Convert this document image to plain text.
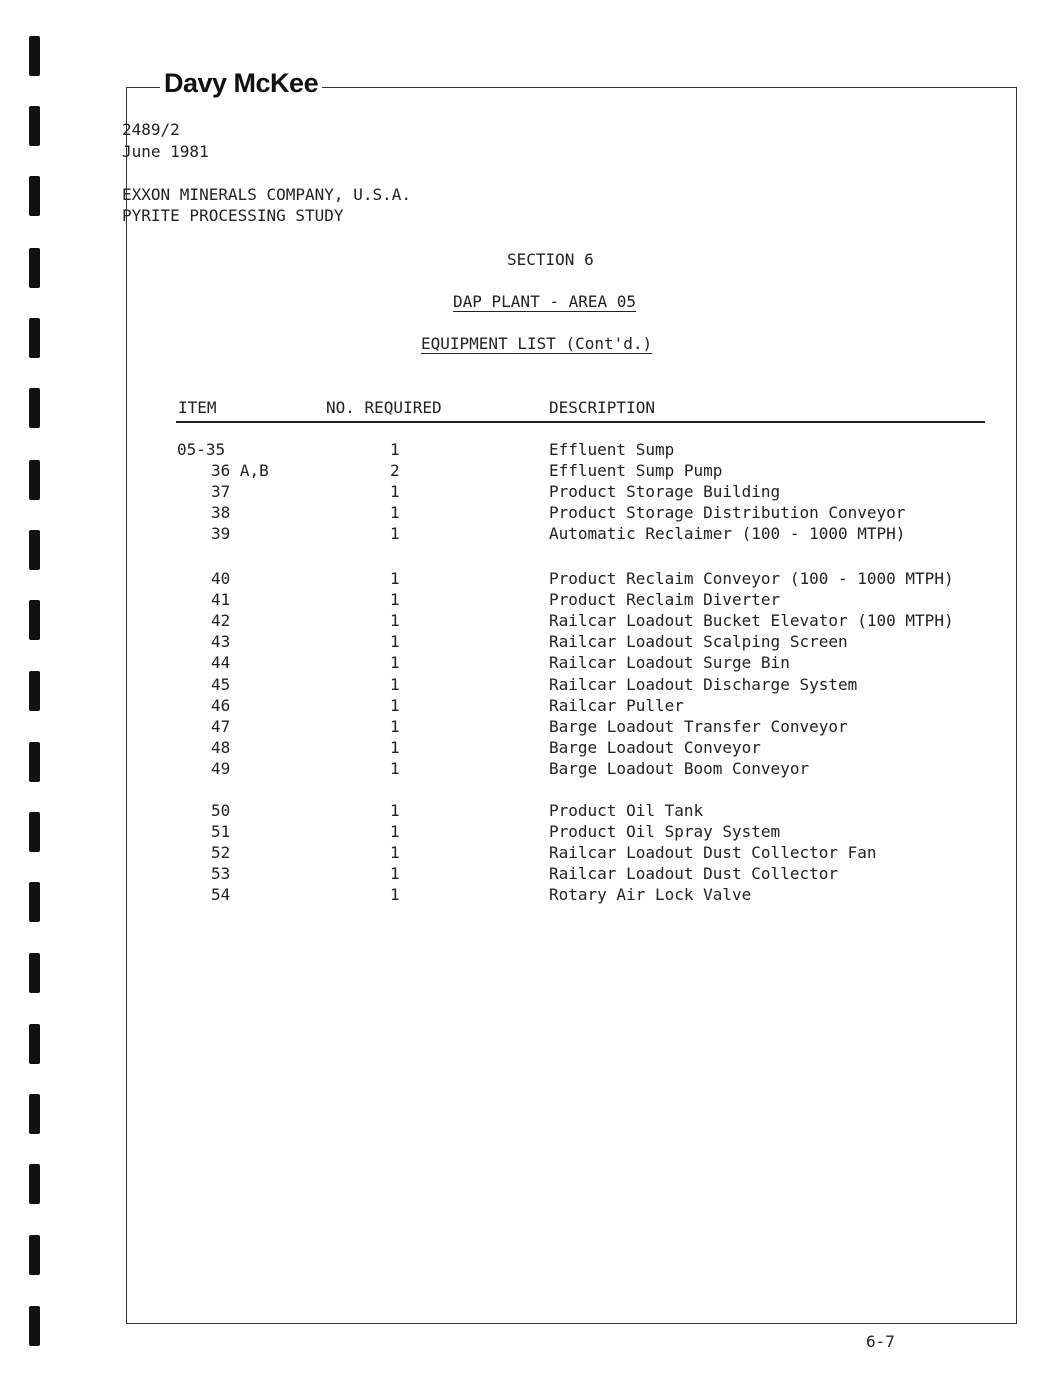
Davy McKee
2489/2
June 1981
EXXON MINERALS COMPANY, U.S.A.
PYRITE PROCESSING STUDY
SECTION 6
DAP PLANT - AREA 05
EQUIPMENT LIST (Cont'd.)
ITEM	NO. REQUIRED	DESCRIPTION
05-35	1	Effluent Sump
36 A,B	2	Effluent Sump Pump
37	1	Product Storage Building
38	1	Product Storage Distribution Conveyor
39	1	Automatic Reclaimer (100 - 1000 MTPH)
40	1	Product Reclaim Conveyor (100 - 1000 MTPH)
41	1	Product Reclaim Diverter
42	1	Railcar Loadout Bucket Elevator (100 MTPH)
43	1	Railcar Loadout Scalping Screen
44	1	Railcar Loadout Surge Bin
45	1	Railcar Loadout Discharge System
46	1	Railcar Puller
47	1	Barge Loadout Transfer Conveyor
48	1	Barge Loadout Conveyor
49	1	Barge Loadout Boom Conveyor
50	1	Product Oil Tank
51	1	Product Oil Spray System
52	1	Railcar Loadout Dust Collector Fan
53	1	Railcar Loadout Dust Collector
54	1	Rotary Air Lock Valve
6-7
